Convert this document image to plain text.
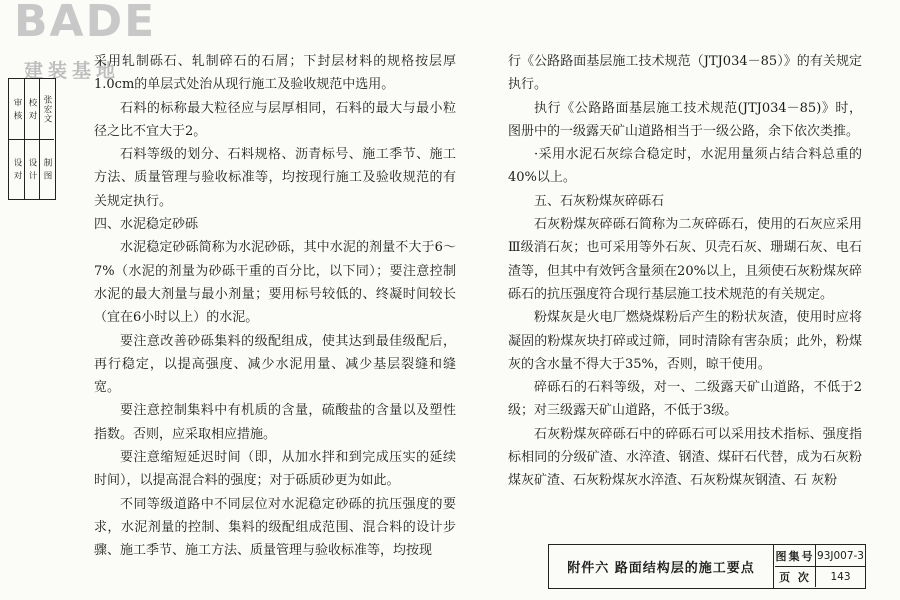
BADE
建装基地
审 核
设 对
校 对
设 计
张宏文
制 图

采用轧制砾石、轧制碎石的石屑；下封层材料的规格按层厚1.0cm的单层式处治从现行施工及验收规范中选用。

石料的标称最大粒径应与层厚相同，石料的最大与最小粒径之比不宜大于2。

石料等级的划分、石料规格、沥青标号、施工季节、施工方法、质量管理与验收标准等，均按现行施工及验收规范的有关规定执行。

四、水泥稳定砂砾

水泥稳定砂砾简称为水泥砂砾，其中水泥的剂量不大于6～7%（水泥的剂量为砂砾干重的百分比，以下同）；要注意控制水泥的最大剂量与最小剂量；要用标号较低的、终凝时间较长（宜在6小时以上）的水泥。

要注意改善砂砾集料的级配组成，使其达到最佳级配后，再行稳定，以提高强度、减少水泥用量、减少基层裂缝和缝宽。

要注意控制集料中有机质的含量，硫酸盐的含量以及塑性指数。否则，应采取相应措施。

要注意缩短延迟时间（即，从加水拌和到完成压实的延续时间），以提高混合料的强度；对于砾质砂更为如此。

不同等级道路中不同层位对水泥稳定砂砾的抗压强度的要求，水泥剂量的控制、集料的级配组成范围、混合料的设计步骤、施工季节、施工方法、质量管理与验收标准等，均按现

行《公路路面基层施工技术规范（JTJ034－85）》的有关规定执行。

执行《公路路面基层施工技术规范(JTJ034－85)》时，图册中的一级露天矿山道路相当于一级公路，余下依次类推。

·采用水泥石灰综合稳定时，水泥用量须占结合料总重的40%以上。

五、石灰粉煤灰碎砾石

石灰粉煤灰碎砾石简称为二灰碎砾石，使用的石灰应采用Ⅲ级消石灰；也可采用等外石灰、贝壳石灰、珊瑚石灰、电石渣等，但其中有效钙含量须在20%以上，且须使石灰粉煤灰碎砾石的抗压强度符合现行基层施工技术规范的有关规定。

粉煤灰是火电厂燃烧煤粉后产生的粉状灰渣，使用时应将凝固的粉煤灰块打碎或过筛，同时清除有害杂质；此外，粉煤灰的含水量不得大于35%，否则，晾干使用。

碎砾石的石料等级，对一、二级露天矿山道路，不低于2级；对三级露天矿山道路，不低于3级。

石灰粉煤灰碎砾石中的碎砾石可以采用技术指标、强度指标相同的分级矿渣、水淬渣、钢渣、煤矸石代替，成为石灰粉煤灰矿渣、石灰粉煤灰水淬渣、石灰粉煤灰钢渣、石 灰粉

附件六 路面结构层的施工要点
图集号 93J007-3
页 次	143
